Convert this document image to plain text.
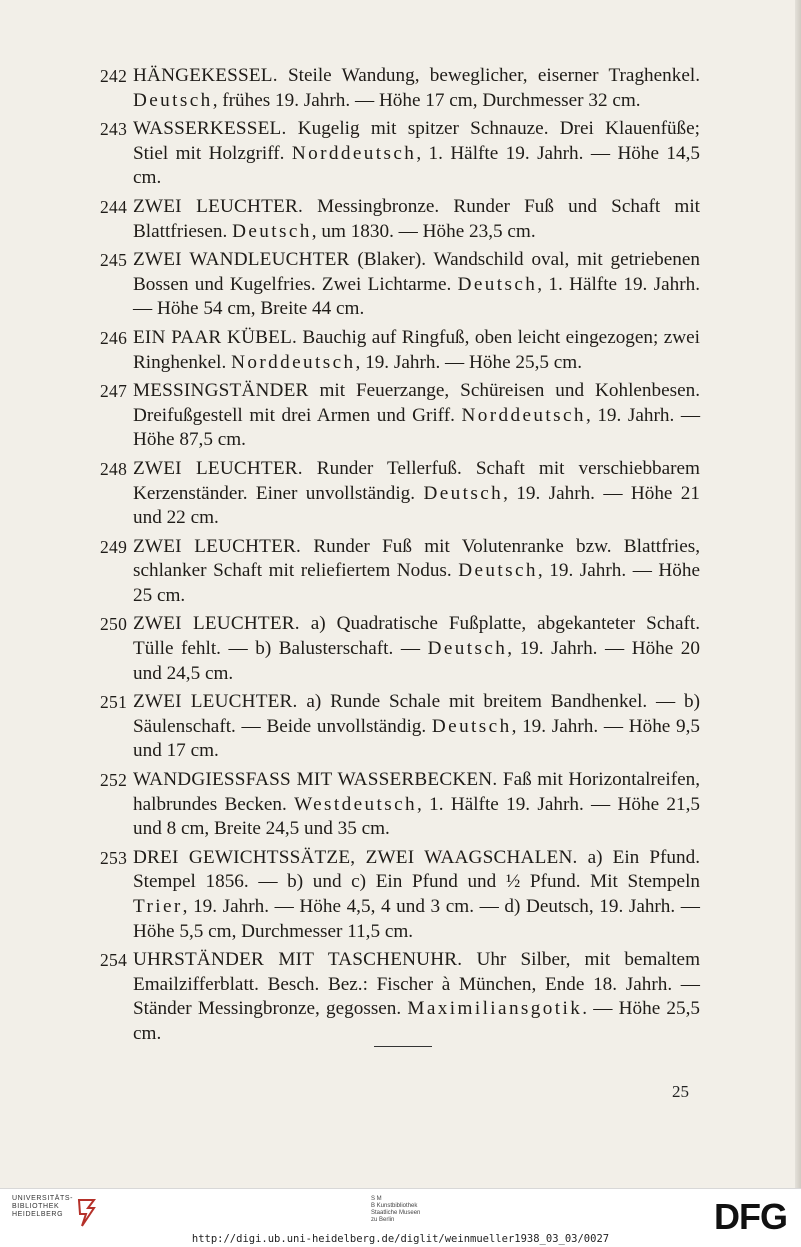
242 HÄNGEKESSEL. Steile Wandung, beweglicher, eiserner Traghenkel. Deutsch, frühes 19. Jahrh. — Höhe 17 cm, Durchmesser 32 cm.
243 WASSERKESSEL. Kugelig mit spitzer Schnauze. Drei Klauenfüße; Stiel mit Holzgriff. Norddeutsch, 1. Hälfte 19. Jahrh. — Höhe 14,5 cm.
244 ZWEI LEUCHTER. Messingbronze. Runder Fuß und Schaft mit Blattfriesen. Deutsch, um 1830. — Höhe 23,5 cm.
245 ZWEI WANDLEUCHTER (Blaker). Wandschild oval, mit getriebenen Bossen und Kugelfries. Zwei Lichtarme. Deutsch, 1. Hälfte 19. Jahrh. — Höhe 54 cm, Breite 44 cm.
246 EIN PAAR KÜBEL. Bauchig auf Ringfuß, oben leicht eingezogen; zwei Ringhenkel. Norddeutsch, 19. Jahrh. — Höhe 25,5 cm.
247 MESSINGSTÄNDER mit Feuerzange, Schüreisen und Kohlenbesen. Dreifußgestell mit drei Armen und Griff. Norddeutsch, 19. Jahrh. — Höhe 87,5 cm.
248 ZWEI LEUCHTER. Runder Tellerfuß. Schaft mit verschiebbarem Kerzenständer. Einer unvollständig. Deutsch, 19. Jahrh. — Höhe 21 und 22 cm.
249 ZWEI LEUCHTER. Runder Fuß mit Volutenranke bzw. Blattfries, schlanker Schaft mit reliefiertem Nodus. Deutsch, 19. Jahrh. — Höhe 25 cm.
250 ZWEI LEUCHTER. a) Quadratische Fußplatte, abgekanteter Schaft. Tülle fehlt. — b) Balusterschaft. — Deutsch, 19. Jahrh. — Höhe 20 und 24,5 cm.
251 ZWEI LEUCHTER. a) Runde Schale mit breitem Bandhenkel. — b) Säulenschaft. — Beide unvollständig. Deutsch, 19. Jahrh. — Höhe 9,5 und 17 cm.
252 WANDGIESSFASS MIT WASSERBECKEN. Faß mit Horizontalreifen, halbrundes Becken. Westdeutsch, 1. Hälfte 19. Jahrh. — Höhe 21,5 und 8 cm, Breite 24,5 und 35 cm.
253 DREI GEWICHTSSÄTZE, ZWEI WAAGSCHALEN. a) Ein Pfund. Stempel 1856. — b) und c) Ein Pfund und ½ Pfund. Mit Stempeln Trier, 19. Jahrh. — Höhe 4,5, 4 und 3 cm. — d) Deutsch, 19. Jahrh. — Höhe 5,5 cm, Durchmesser 11,5 cm.
254 UHRSTÄNDER MIT TASCHENUHR. Uhr Silber, mit bemaltem Emailzifferblatt. Besch. Bez.: Fischer à München, Ende 18. Jahrh. — Ständer Messingbronze, gegossen. Maximiliansgotik. — Höhe 25,5 cm.
25
UNIVERSITÄTS-
BIBLIOTHEK
HEIDELBERG
S M
B Kunstbibliothek
Staatliche Museen
zu Berlin	DFG
http://digi.ub.uni-heidelberg.de/diglit/weinmueller1938_03_03/0027
